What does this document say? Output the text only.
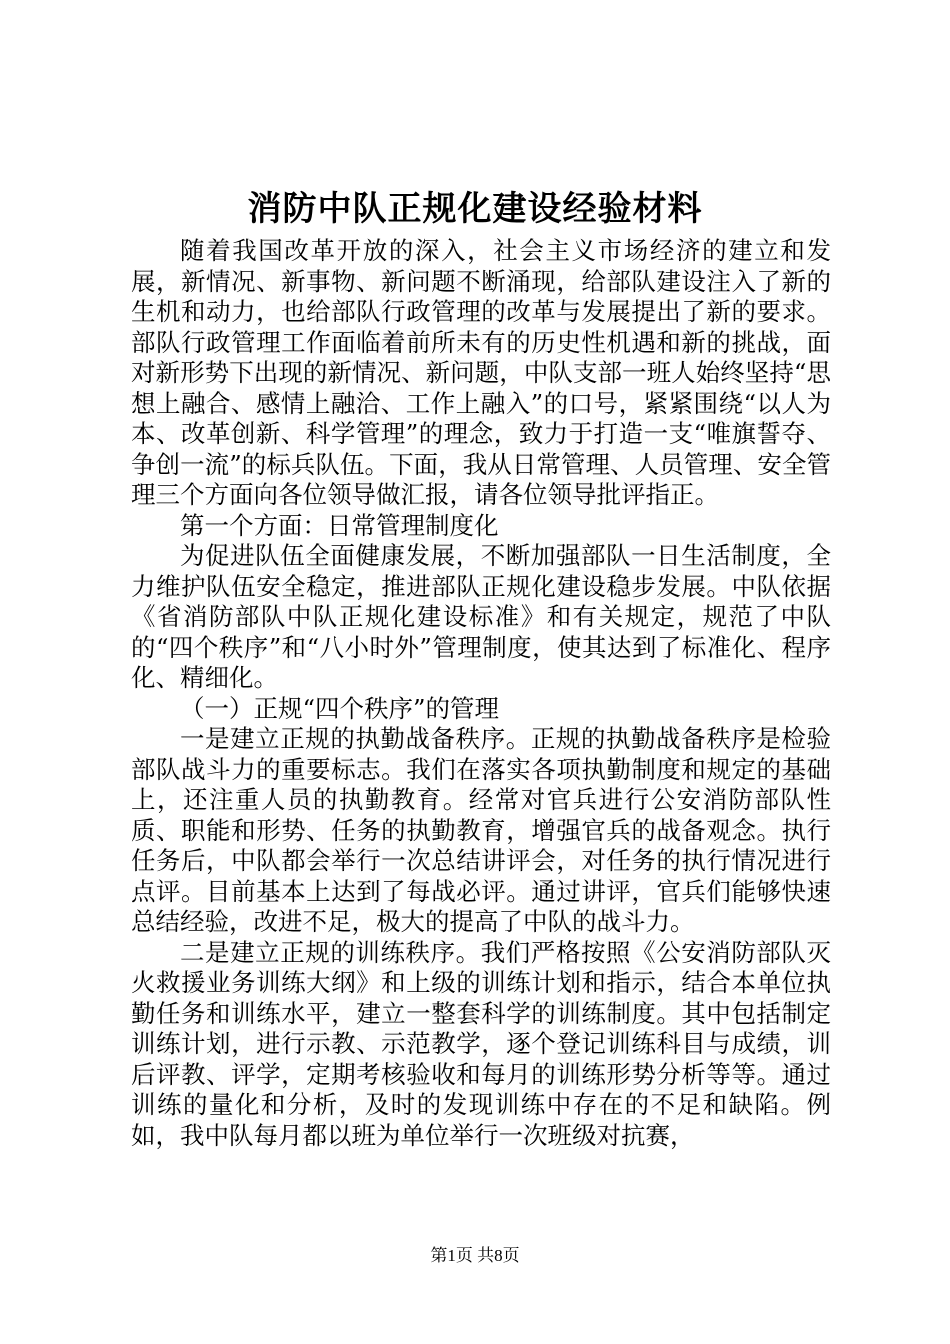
消防中队正规化建设经验材料

随着我国改革开放的深入，社会主义市场经济的建立和发展，新情况、新事物、新问题不断涌现，给部队建设注入了新的生机和动力，也给部队行政管理的改革与发展提出了新的要求。部队行政管理工作面临着前所未有的历史性机遇和新的挑战，面对新形势下出现的新情况、新问题，中队支部一班人始终坚持“思想上融合、感情上融洽、工作上融入”的口号，紧紧围绕“以人为本、改革创新、科学管理”的理念，致力于打造一支“唯旗誓夺、争创一流”的标兵队伍。下面，我从日常管理、人员管理、安全管理三个方面向各位领导做汇报，请各位领导批评指正。

第一个方面：日常管理制度化

为促进队伍全面健康发展，不断加强部队一日生活制度，全力维护队伍安全稳定，推进部队正规化建设稳步发展。中队依据《省消防部队中队正规化建设标准》和有关规定，规范了中队的“四个秩序”和“八小时外”管理制度，使其达到了标准化、程序化、精细化。

（一）正规“四个秩序”的管理

一是建立正规的执勤战备秩序。正规的执勤战备秩序是检验部队战斗力的重要标志。我们在落实各项执勤制度和规定的基础上，还注重人员的执勤教育。经常对官兵进行公安消防部队性质、职能和形势、任务的执勤教育，增强官兵的战备观念。执行任务后，中队都会举行一次总结讲评会，对任务的执行情况进行点评。目前基本上达到了每战必评。通过讲评，官兵们能够快速总结经验，改进不足，极大的提高了中队的战斗力。

二是建立正规的训练秩序。我们严格按照《公安消防部队灭火救援业务训练大纲》和上级的训练计划和指示，结合本单位执勤任务和训练水平，建立一整套科学的训练制度。其中包括制定训练计划，进行示教、示范教学，逐个登记训练科目与成绩，训后评教、评学，定期考核验收和每月的训练形势分析等等。通过训练的量化和分析，及时的发现训练中存在的不足和缺陷。例如，我中队每月都以班为单位举行一次班级对抗赛，

第1页 共8页
